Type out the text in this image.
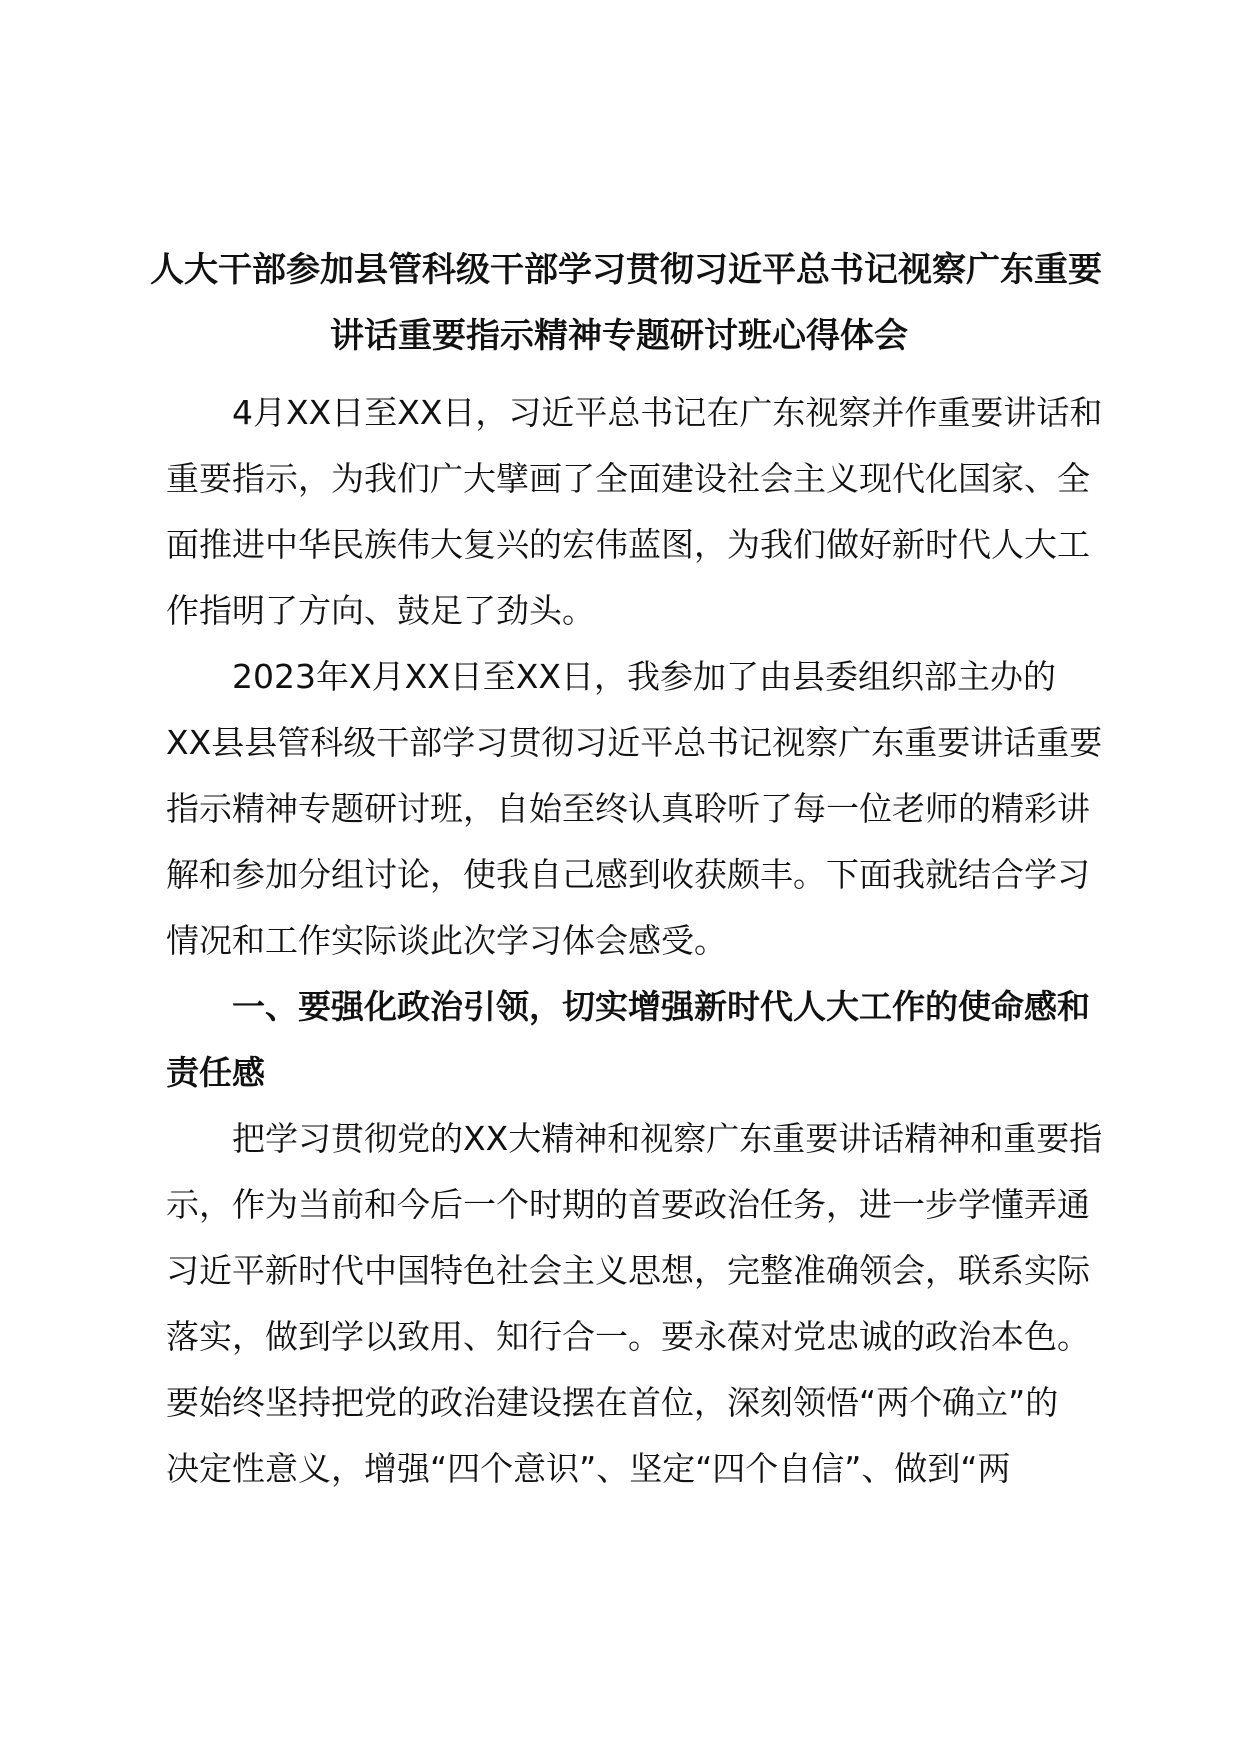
人大干部参加县管科级干部学习贯彻习近平总书记视察广东重要
讲话重要指示精神专题研讨班心得体会
4月XX日至XX日，习近平总书记在广东视察并作重要讲话和
重要指示，为我们广大擘画了全面建设社会主义现代化国家、全
面推进中华民族伟大复兴的宏伟蓝图，为我们做好新时代人大工
作指明了方向、鼓足了劲头。
2023年X月XX日至XX日，我参加了由县委组织部主办的
XX县县管科级干部学习贯彻习近平总书记视察广东重要讲话重要
指示精神专题研讨班，自始至终认真聆听了每一位老师的精彩讲
解和参加分组讨论，使我自己感到收获颇丰。下面我就结合学习
情况和工作实际谈此次学习体会感受。
一、要强化政治引领，切实增强新时代人大工作的使命感和
责任感
把学习贯彻党的XX大精神和视察广东重要讲话精神和重要指
示，作为当前和今后一个时期的首要政治任务，进一步学懂弄通
习近平新时代中国特色社会主义思想，完整准确领会，联系实际
落实，做到学以致用、知行合一。要永葆对党忠诚的政治本色。
要始终坚持把党的政治建设摆在首位，深刻领悟“两个确立”的
决定性意义，增强“四个意识”、坚定“四个自信”、做到“两
